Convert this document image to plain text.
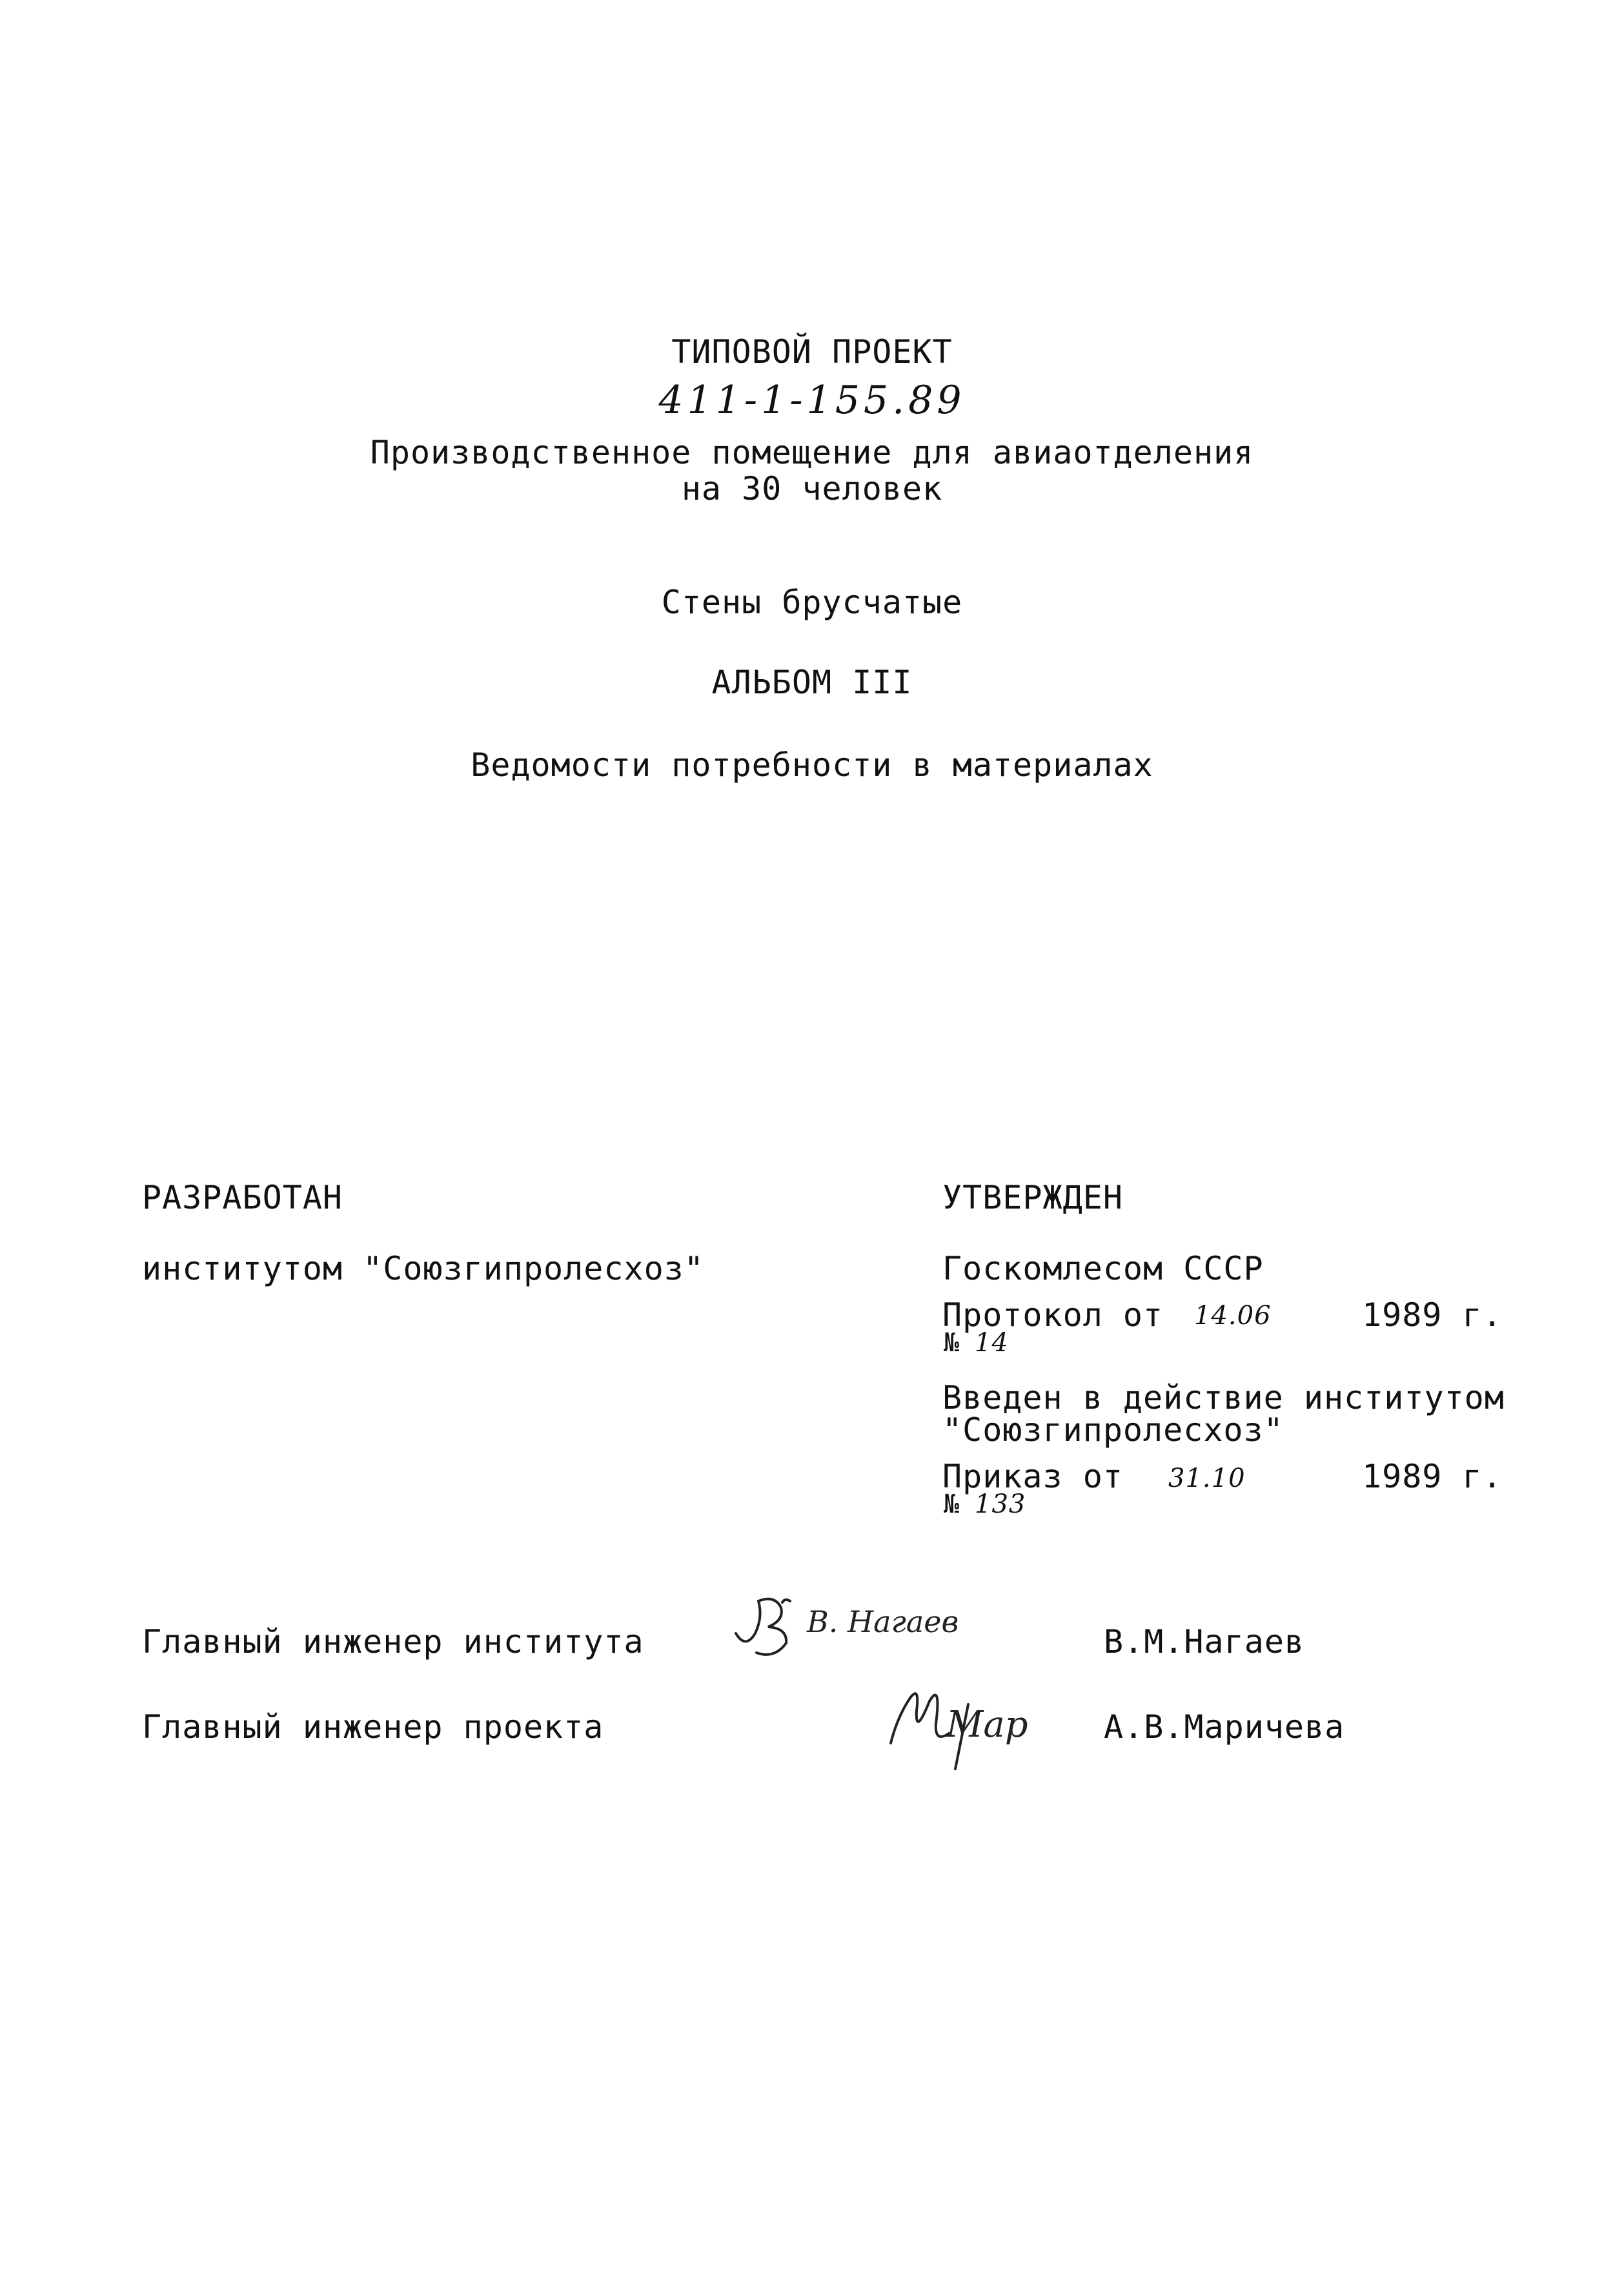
ТИПОВОЙ ПРОЕКТ
411-1-155.89
Производственное помещение для авиаотделения
на 30 человек
Стены брусчатые
АЛЬБОМ III
Ведомости потребности в материалах
РАЗРАБОТАН
институтом "Союзгипролесхоз"
УТВЕРЖДЕН
Госкомлесом СССР
Протокол от 14.06	1989 г.
№ 14
Введен в действие институтом
"Союзгипролесхоз"
Приказ от 31.10	1989 г.
№ 133
Главный инженер института
В. Нагаев
В.М.Нагаев
Главный инженер проекта	Мар А.В.Маричева
